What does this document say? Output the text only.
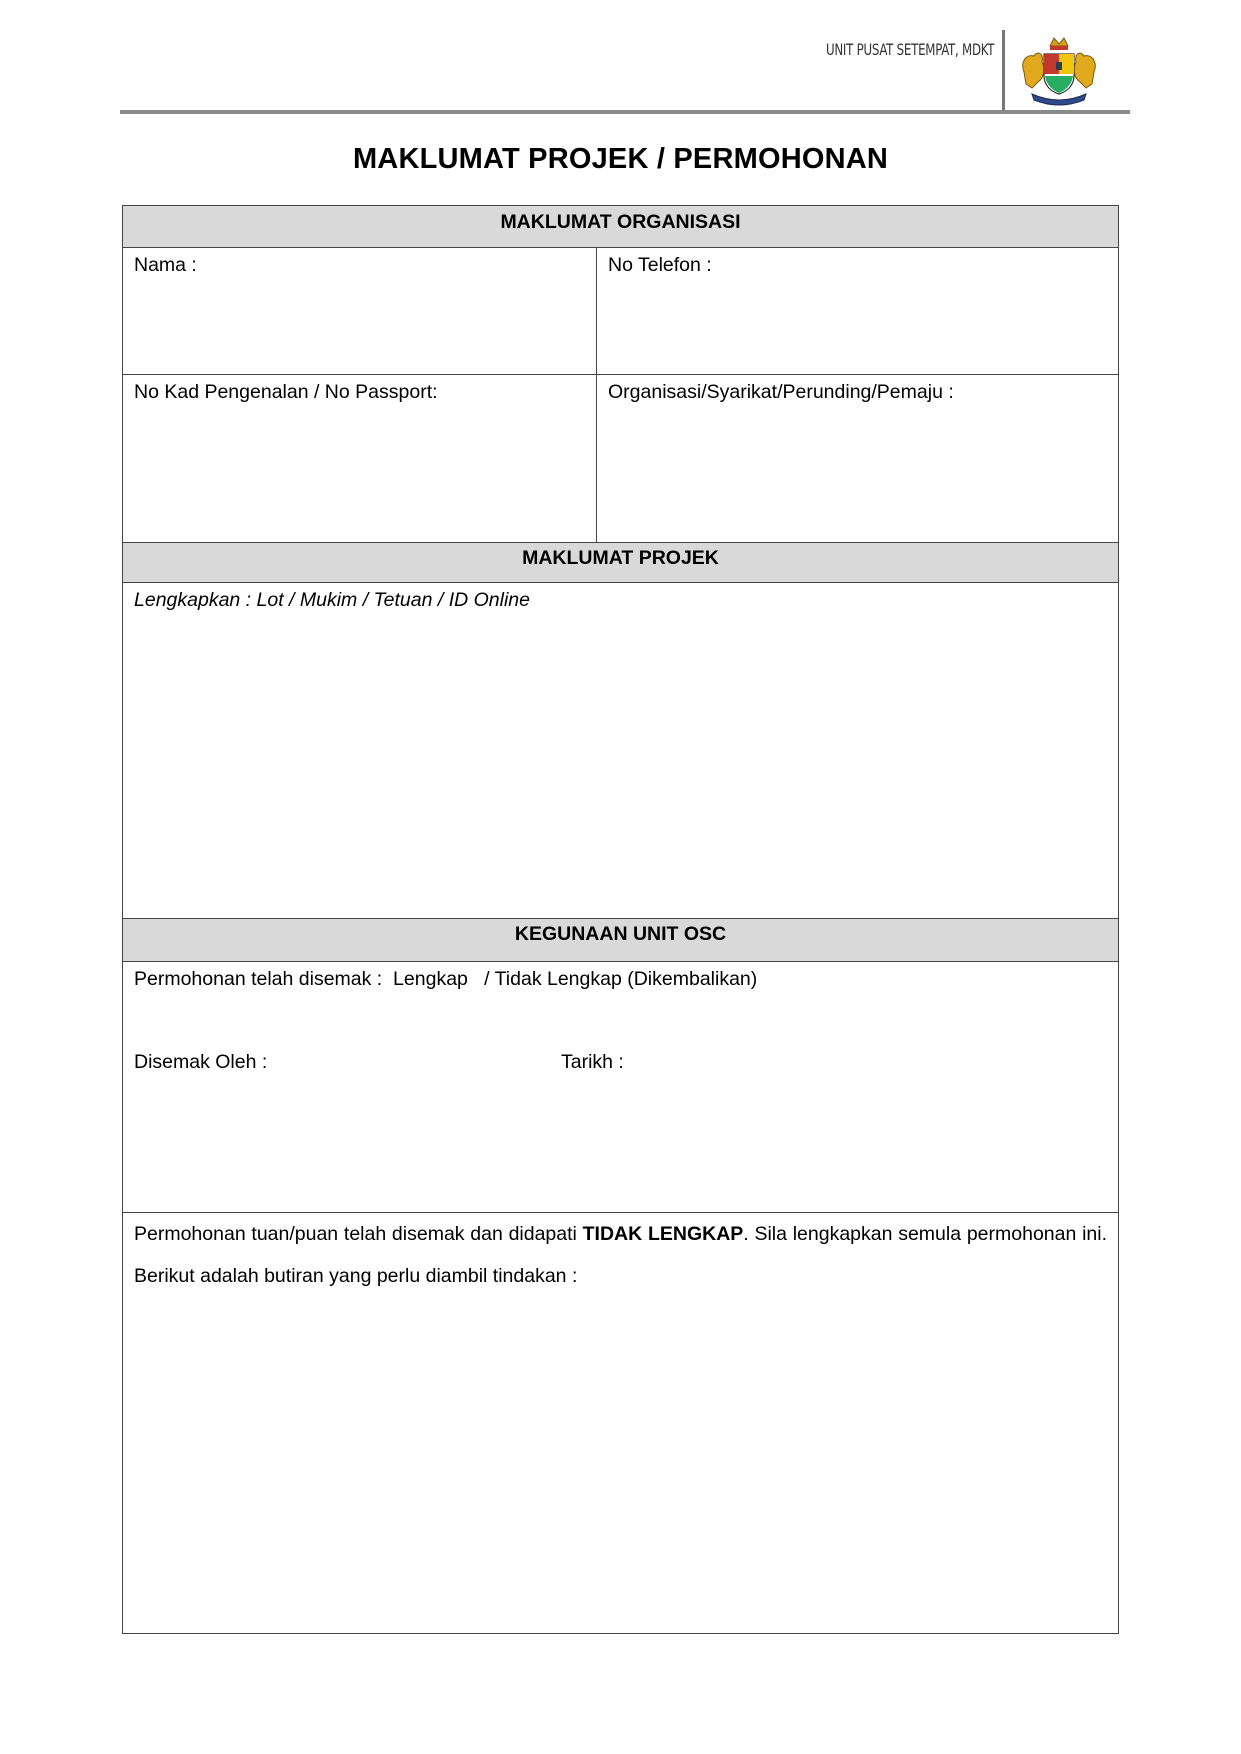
UNIT PUSAT SETEMPAT, MDKT
MAKLUMAT PROJEK / PERMOHONAN
MAKLUMAT ORGANISASI
Nama :	No Telefon :
No Kad Pengenalan / No Passport:	Organisasi/Syarikat/Perunding/Pemaju :
MAKLUMAT PROJEK
Lengkapkan : Lot / Mukim / Tetuan / ID Online
KEGUNAAN UNIT OSC
Permohonan telah disemak :  Lengkap   / Tidak Lengkap (Dikembalikan)
Disemak Oleh :	Tarikh :
Permohonan tuan/puan telah disemak dan didapati TIDAK LENGKAP. Sila lengkapkan semula permohonan ini. Berikut adalah butiran yang perlu diambil tindakan :
